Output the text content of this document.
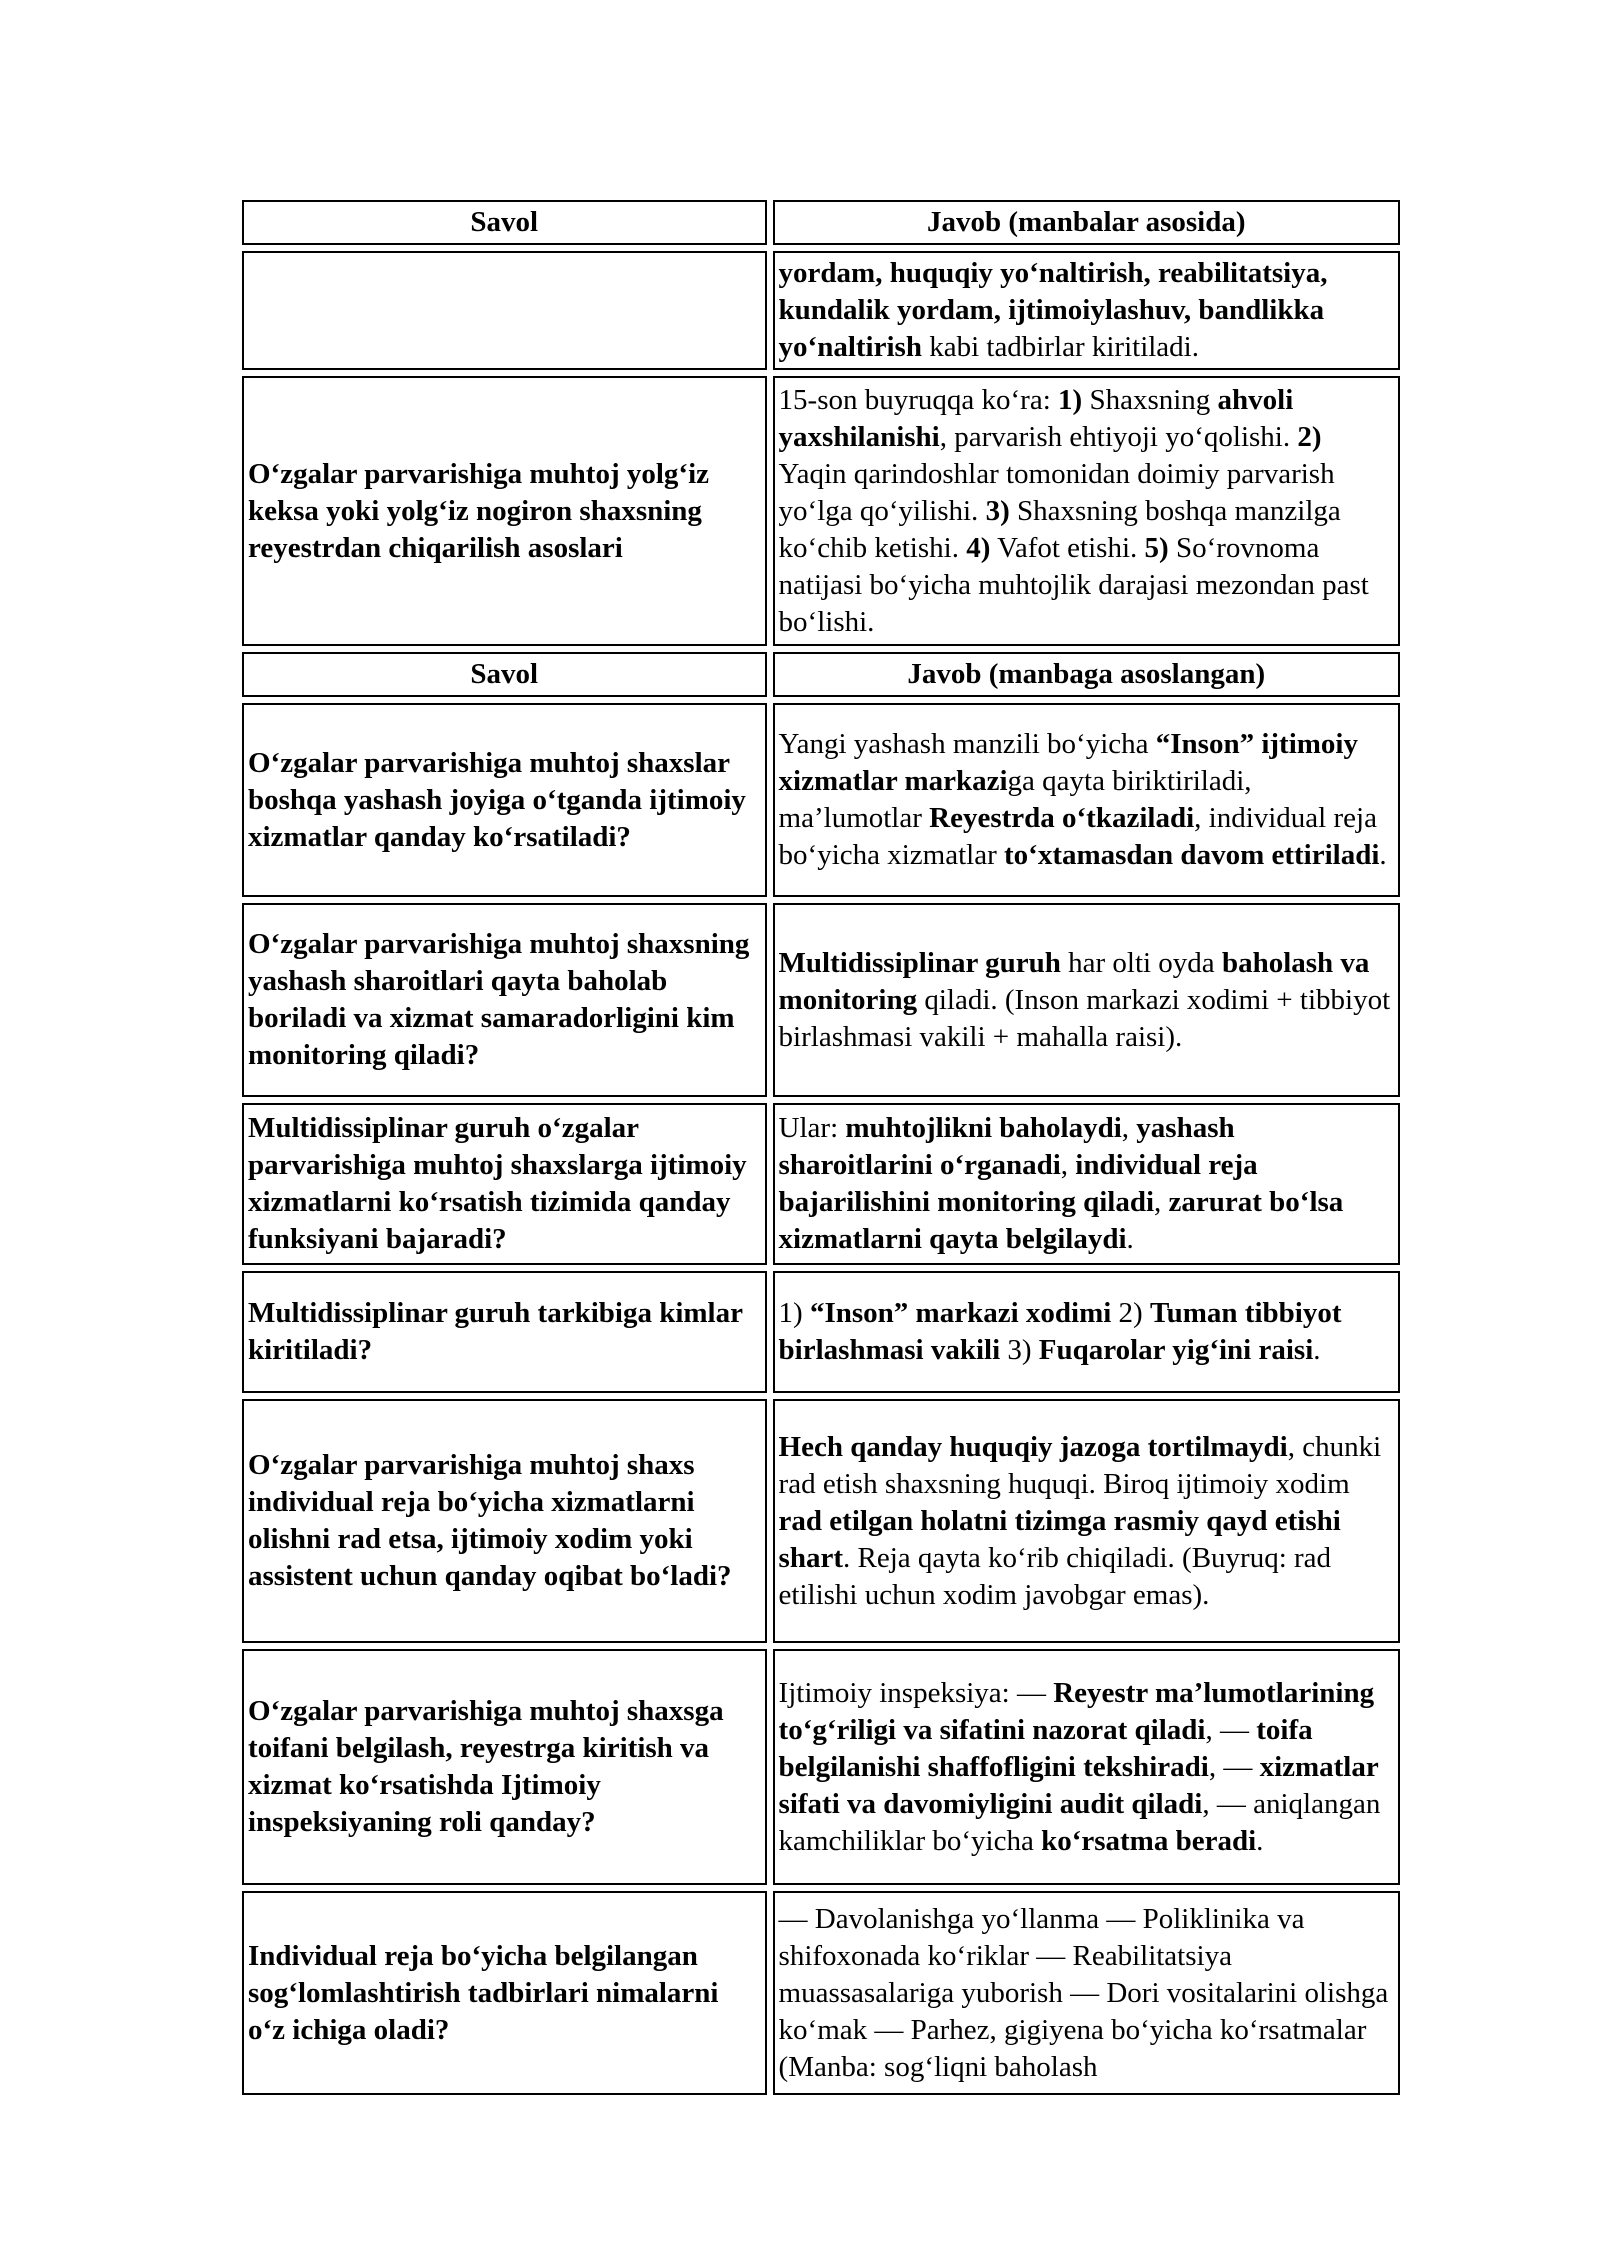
Savol	Javob (manbalar asosida)
	yordam, huquqiy yo‘naltirish, reabilitatsiya, kundalik yordam, ijtimoiylashuv, bandlikka yo‘naltirish kabi tadbirlar kiritiladi.
O‘zgalar parvarishiga muhtoj yolg‘iz keksa yoki yolg‘iz nogiron shaxsning reyestrdan chiqarilish asoslari	15-son buyruqqa ko‘ra: 1) Shaxsning ahvoli yaxshilanishi, parvarish ehtiyoji yo‘qolishi. 2) Yaqin qarindoshlar tomonidan doimiy parvarish yo‘lga qo‘yilishi. 3) Shaxsning boshqa manzilga ko‘chib ketishi. 4) Vafot etishi. 5) So‘rovnoma natijasi bo‘yicha muhtojlik darajasi mezondan past bo‘lishi.
Savol	Javob (manbaga asoslangan)
O‘zgalar parvarishiga muhtoj shaxslar boshqa yashash joyiga o‘tganda ijtimoiy xizmatlar qanday ko‘rsatiladi?	Yangi yashash manzili bo‘yicha “Inson” ijtimoiy xizmatlar markaziga qayta biriktiriladi, ma’lumotlar Reyestrda o‘tkaziladi, individual reja bo‘yicha xizmatlar to‘xtamasdan davom ettiriladi.
O‘zgalar parvarishiga muhtoj shaxsning yashash sharoitlari qayta baholab boriladi va xizmat samaradorligini kim monitoring qiladi?	Multidissiplinar guruh har olti oyda baholash va monitoring qiladi. (Inson markazi xodimi + tibbiyot birlashmasi vakili + mahalla raisi).
Multidissiplinar guruh o‘zgalar parvarishiga muhtoj shaxslarga ijtimoiy xizmatlarni ko‘rsatish tizimida qanday funksiyani bajaradi?	Ular: muhtojlikni baholaydi, yashash sharoitlarini o‘rganadi, individual reja bajarilishini monitoring qiladi, zarurat bo‘lsa xizmatlarni qayta belgilaydi.
Multidissiplinar guruh tarkibiga kimlar kiritiladi?	1) “Inson” markazi xodimi 2) Tuman tibbiyot birlashmasi vakili 3) Fuqarolar yig‘ini raisi.
O‘zgalar parvarishiga muhtoj shaxs individual reja bo‘yicha xizmatlarni olishni rad etsa, ijtimoiy xodim yoki assistent uchun qanday oqibat bo‘ladi?	Hech qanday huquqiy jazoga tortilmaydi, chunki rad etish shaxsning huquqi. Biroq ijtimoiy xodim rad etilgan holatni tizimga rasmiy qayd etishi shart. Reja qayta ko‘rib chiqiladi. (Buyruq: rad etilishi uchun xodim javobgar emas).
O‘zgalar parvarishiga muhtoj shaxsga toifani belgilash, reyestrga kiritish va xizmat ko‘rsatishda Ijtimoiy inspeksiyaning roli qanday?	Ijtimoiy inspeksiya: — Reyestr ma’lumotlarining to‘g‘riligi va sifatini nazorat qiladi, — toifa belgilanishi shaffofligini tekshiradi, — xizmatlar sifati va davomiyligini audit qiladi, — aniqlangan kamchiliklar bo‘yicha ko‘rsatma beradi.
Individual reja bo‘yicha belgilangan sog‘lomlashtirish tadbirlari nimalarni o‘z ichiga oladi?	— Davolanishga yo‘llanma — Poliklinika va shifoxonada ko‘riklar — Reabilitatsiya muassasalariga yuborish — Dori vositalarini olishga ko‘mak — Parhez, gigiyena bo‘yicha ko‘rsatmalar (Manba: sog‘liqni baholash
